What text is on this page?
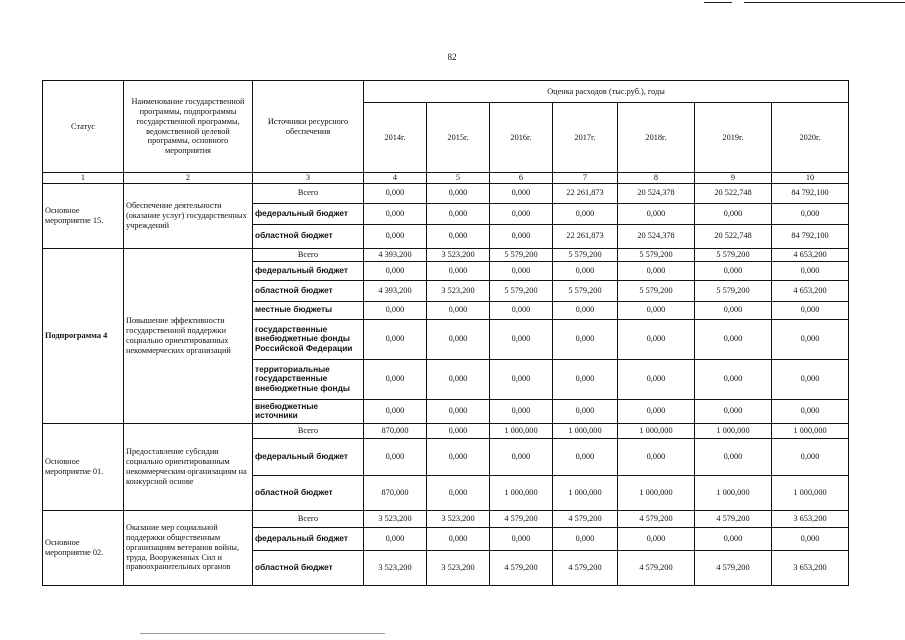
82
Статус	Наименование государственной программы, подпрограммы государственной программы, ведомственной целевой программы, основного мероприятия	Источники ресурсного обеспечения	Оценка расходов (тыс.руб.), годы						
			2014г.	2015г.	2016г.	2017г.	2018г.	2019г.	2020г.
1	2	3	4	5	6	7	8	9	10
Основное мероприятие 15.	Обеспечение деятельности (оказание услуг) государственных учреждений	Всего	0,000	0,000	0,000	22 261,873	20 524,378	20 522,748	84 792,100
		федеральный бюджет	0,000	0,000	0,000	0,000	0,000	0,000	0,000
		областной бюджет	0,000	0,000	0,000	22 261,873	20 524,378	20 522,748	84 792,100
Подпрограмма 4	Повышение эффективности государственной поддержки социально ориентированных некоммерческих организаций	Всего	4 393,200	3 523,200	5 579,200	5 579,200	5 579,200	5 579,200	4 653,200
		федеральный бюджет	0,000	0,000	0,000	0,000	0,000	0,000	0,000
		областной бюджет	4 393,200	3 523,200	5 579,200	5 579,200	5 579,200	5 579,200	4 653,200
		местные бюджеты	0,000	0,000	0,000	0,000	0,000	0,000	0,000
		государственные внебюджетные фонды Российской Федерации	0,000	0,000	0,000	0,000	0,000	0,000	0,000
		территориальные государственные внебюджетные фонды	0,000	0,000	0,000	0,000	0,000	0,000	0,000
		внебюджетные источники	0,000	0,000	0,000	0,000	0,000	0,000	0,000
Основное мероприятие 01.	Предоставление субсидии социально ориентированным некоммерческим организациям на конкурсной основе	Всего	870,000	0,000	1 000,000	1 000,000	1 000,000	1 000,000	1 000,000
		федеральный бюджет	0,000	0,000	0,000	0,000	0,000	0,000	0,000
		областной бюджет	870,000	0,000	1 000,000	1 000,000	1 000,000	1 000,000	1 000,000
Основное мероприятие 02.	Оказание мер социальной поддержки общественным организациям ветеранов войны, труда, Вооруженных Сил и правоохранительных органов	Всего	3 523,200	3 523,200	4 579,200	4 579,200	4 579,200	4 579,200	3 653,200
		федеральный бюджет	0,000	0,000	0,000	0,000	0,000	0,000	0,000
		областной бюджет	3 523,200	3 523,200	4 579,200	4 579,200	4 579,200	4 579,200	3 653,200
